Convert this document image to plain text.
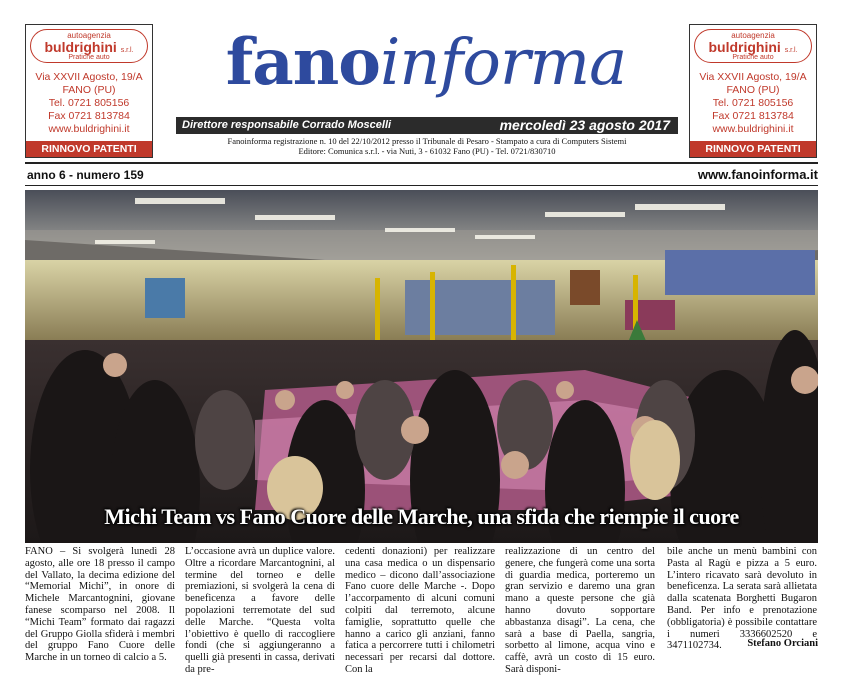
autoagenzia
buldrighini s.r.l.
Pratiche auto
Via XXVII Agosto, 19/A
FANO (PU)
Tel. 0721 805156
Fax 0721 813784
www.buldrighini.it
RINNOVO PATENTI
autoagenzia
buldrighini s.r.l.
Pratiche auto
Via XXVII Agosto, 19/A
FANO (PU)
Tel. 0721 805156
Fax 0721 813784
www.buldrighini.it
RINNOVO PATENTI
fanoinforma
Direttore responsabile Corrado Moscelli	mercoledì 23 agosto 2017
Fanoinforma registrazione n. 10 del 22/10/2012 presso il Tribunale di Pesaro - Stampato a cura di Computers Sistemi
Editore: Comunica s.r.l. - via Nuti, 3 - 61032 Fano (PU) - Tel. 0721/830710
anno 6 - numero 159	www.fanoinforma.it
Michi Team vs Fano Cuore delle Marche, una sfida che riempie il cuore
FANO – Si svolgerà lunedì 28 agosto, alle ore 18 presso il campo del Vallato, la decima edizione del “Memorial Michi”, in onore di Michele Marcantognini, giovane fanese scomparso nel 2008. Il “Michi Team” formato dai ragazzi del Gruppo Giolla sfiderà i membri del gruppo Fano Cuore delle Marche in un torneo di calcio a 5.
L’occasione avrà un duplice valore. Oltre a ricordare Marcantognini, al termine del torneo e delle premiazioni, si svolgerà la cena di beneficenza a favore delle popolazioni terremotate del sud delle Marche. “Questa volta l’obiettivo è quello di raccogliere fondi (che si aggiungeranno a quelli già presenti in cassa, derivati da pre-
cedenti donazioni) per realizzare una casa medica o un dispensario medico – dicono dall’associazione Fano cuore delle Marche -. Dopo l’accorpamento di alcuni comuni colpiti dal terremoto, alcune famiglie, soprattutto quelle che hanno a carico gli anziani, fanno fatica a percorrere tutti i chilometri necessari per recarsi dal dottore. Con la
realizzazione di un centro del genere, che fungerà come una sorta di guardia medica, porteremo un gran servizio e daremo una gran mano a queste persone che già hanno dovuto sopportare abbastanza disagi”. La cena, che sarà a base di Paella, sangria, sorbetto al limone, acqua vino e caffè, avrà un costo di 15 euro. Sarà disponi-
bile anche un menù bambini con Pasta al Ragù e pizza a 5 euro. L’intero ricavato sarà devoluto in beneficenza. La serata sarà allietata dalla scatenata Borghetti Bugaron Band. Per info e prenotazione (obbligatoria) è possibile contattare i numeri 3336602520 e 3471102734.	Stefano Orciani
